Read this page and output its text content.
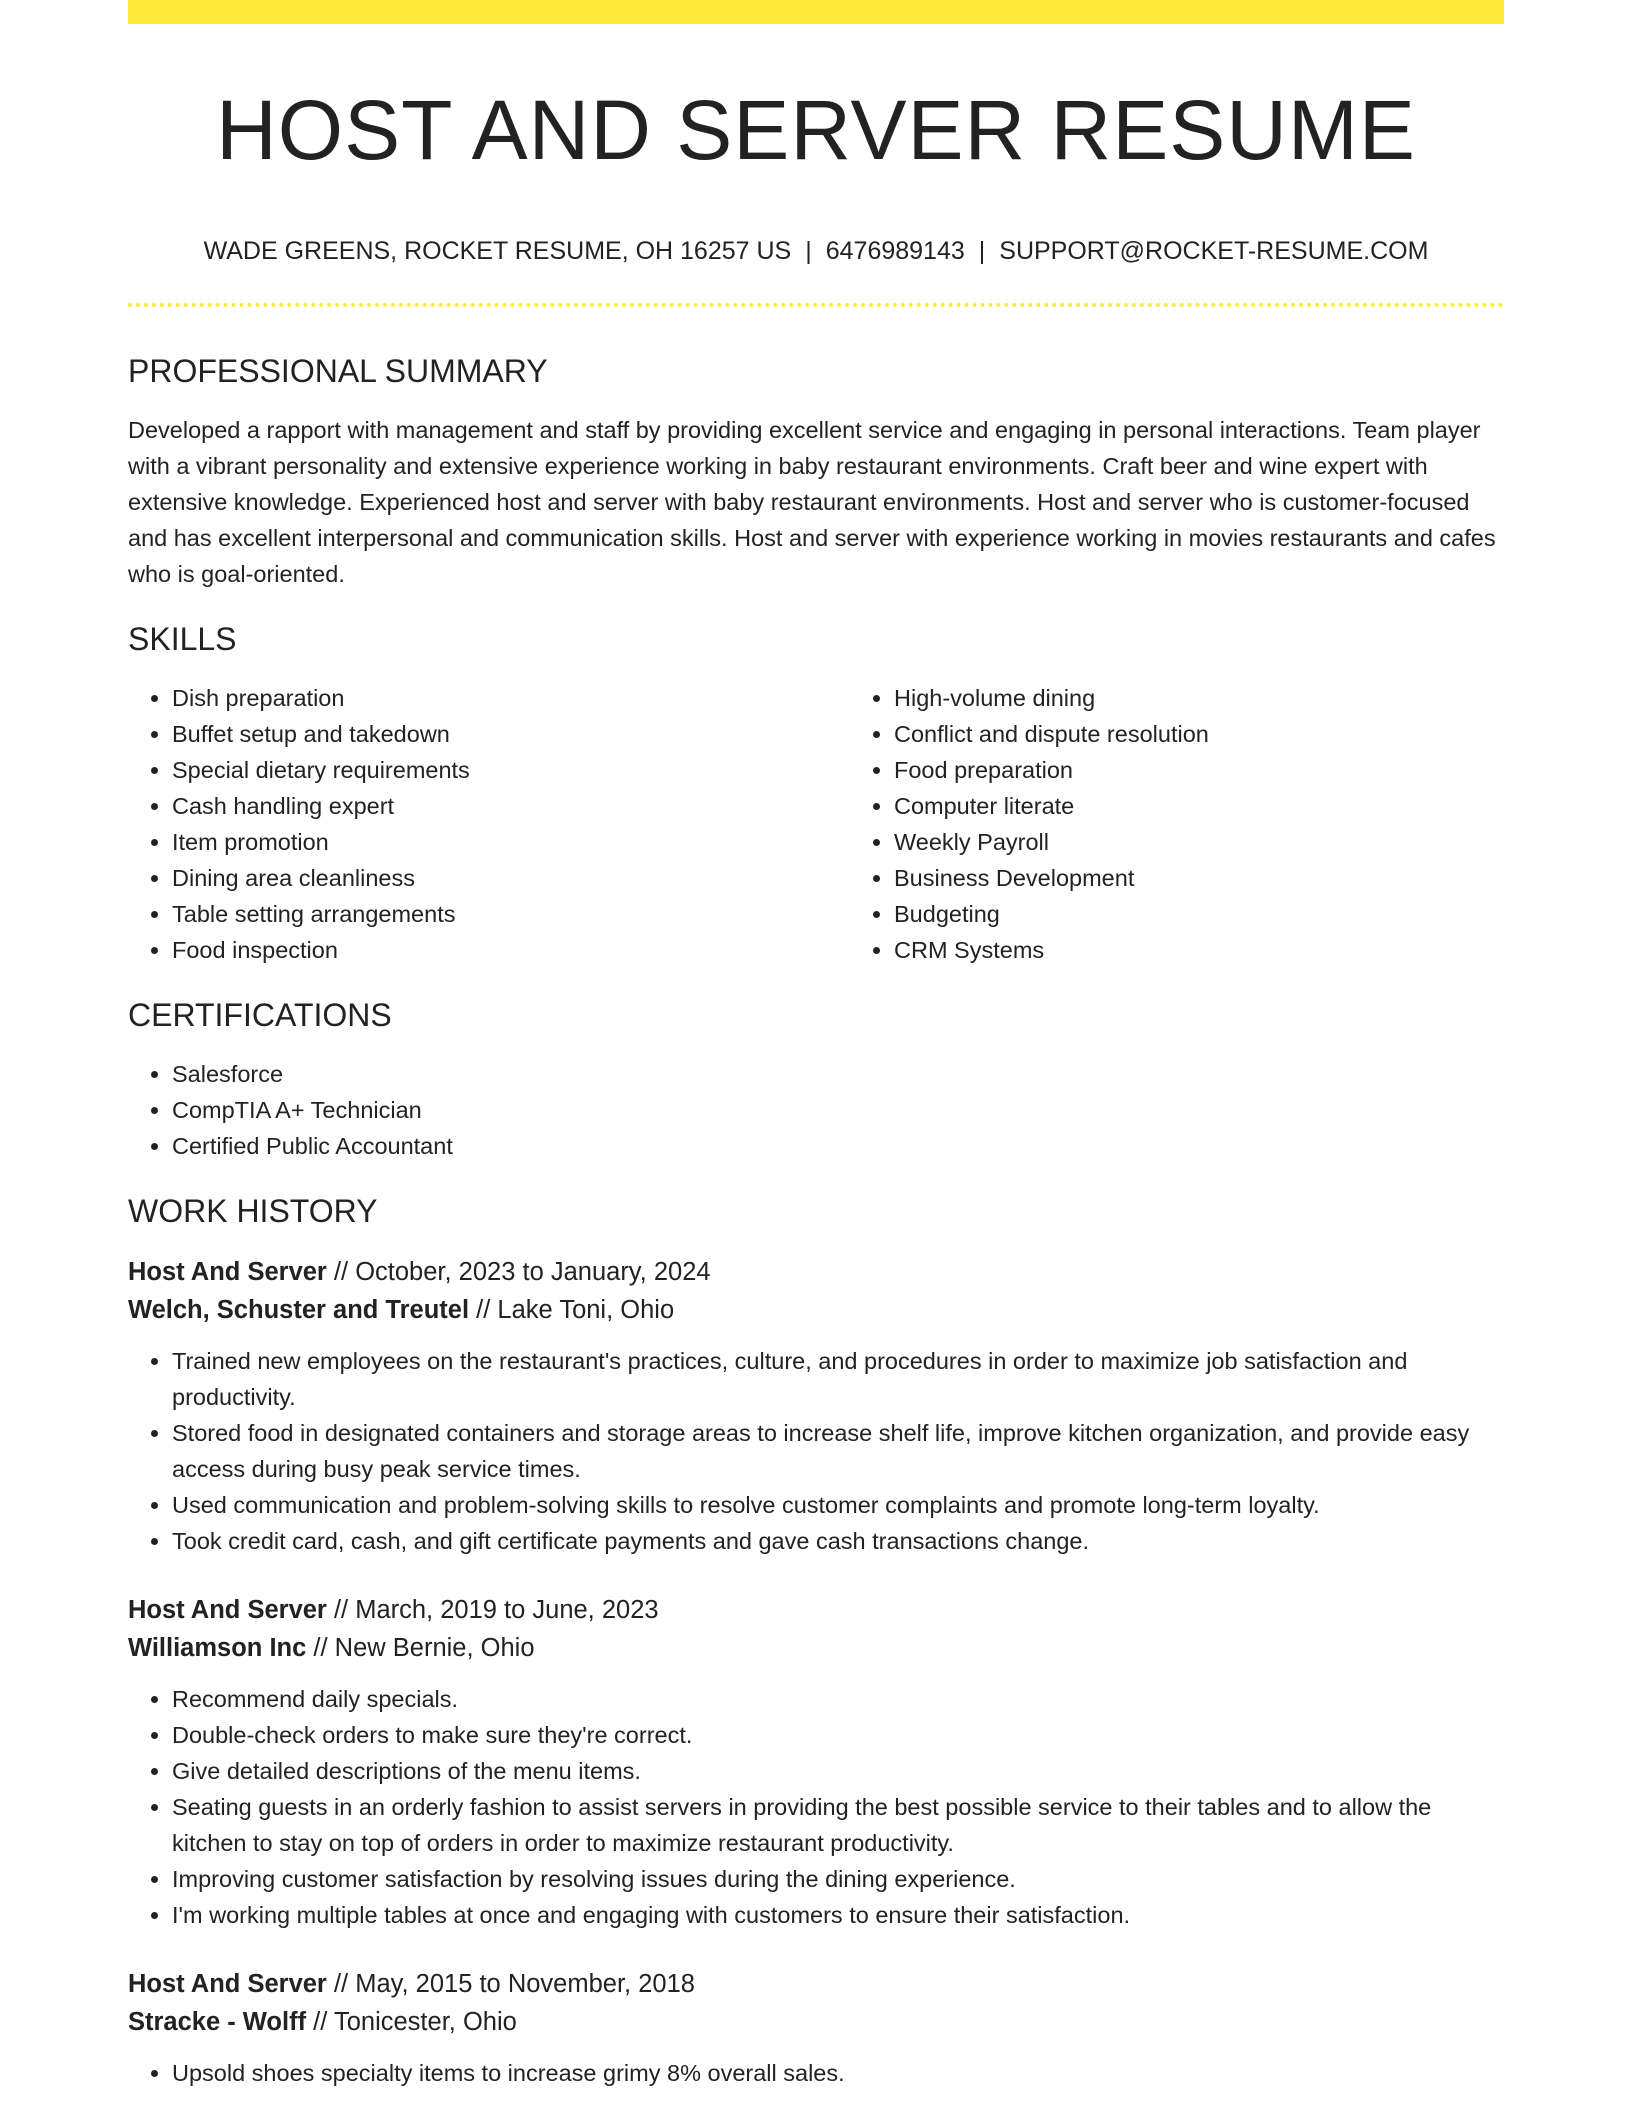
HOST AND SERVER RESUME
WADE GREENS, ROCKET RESUME, OH 16257 US | 6476989143 | SUPPORT@ROCKET-RESUME.COM
PROFESSIONAL SUMMARY

Developed a rapport with management and staff by providing excellent service and engaging in personal interactions. Team player with a vibrant personality and extensive experience working in baby restaurant environments. Craft beer and wine expert with extensive knowledge. Experienced host and server with baby restaurant environments. Host and server who is customer-focused and has excellent interpersonal and communication skills. Host and server with experience working in movies restaurants and cafes who is goal-oriented.

SKILLS
• Dish preparation
• Buffet setup and takedown
• Special dietary requirements
• Cash handling expert
• Item promotion
• Dining area cleanliness
• Table setting arrangements
• Food inspection
• High-volume dining
• Conflict and dispute resolution
• Food preparation
• Computer literate
• Weekly Payroll
• Business Development
• Budgeting
• CRM Systems
CERTIFICATIONS
• Salesforce
• CompTIA A+ Technician
• Certified Public Accountant
WORK HISTORY

Host And Server // October, 2023 to January, 2024

Welch, Schuster and Treutel // Lake Toni, Ohio

• Trained new employees on the restaurant's practices, culture, and procedures in order to maximize job satisfaction and productivity.
• Stored food in designated containers and storage areas to increase shelf life, improve kitchen organization, and provide easy access during busy peak service times.
• Used communication and problem-solving skills to resolve customer complaints and promote long-term loyalty.
• Took credit card, cash, and gift certificate payments and gave cash transactions change.

Host And Server // March, 2019 to June, 2023

Williamson Inc // New Bernie, Ohio

• Recommend daily specials.
• Double-check orders to make sure they're correct.
• Give detailed descriptions of the menu items.
• Seating guests in an orderly fashion to assist servers in providing the best possible service to their tables and to allow the kitchen to stay on top of orders in order to maximize restaurant productivity.
• Improving customer satisfaction by resolving issues during the dining experience.
• I'm working multiple tables at once and engaging with customers to ensure their satisfaction.

Host And Server // May, 2015 to November, 2018

Stracke - Wolff // Tonicester, Ohio

• Upsold shoes specialty items to increase grimy 8% overall sales.
